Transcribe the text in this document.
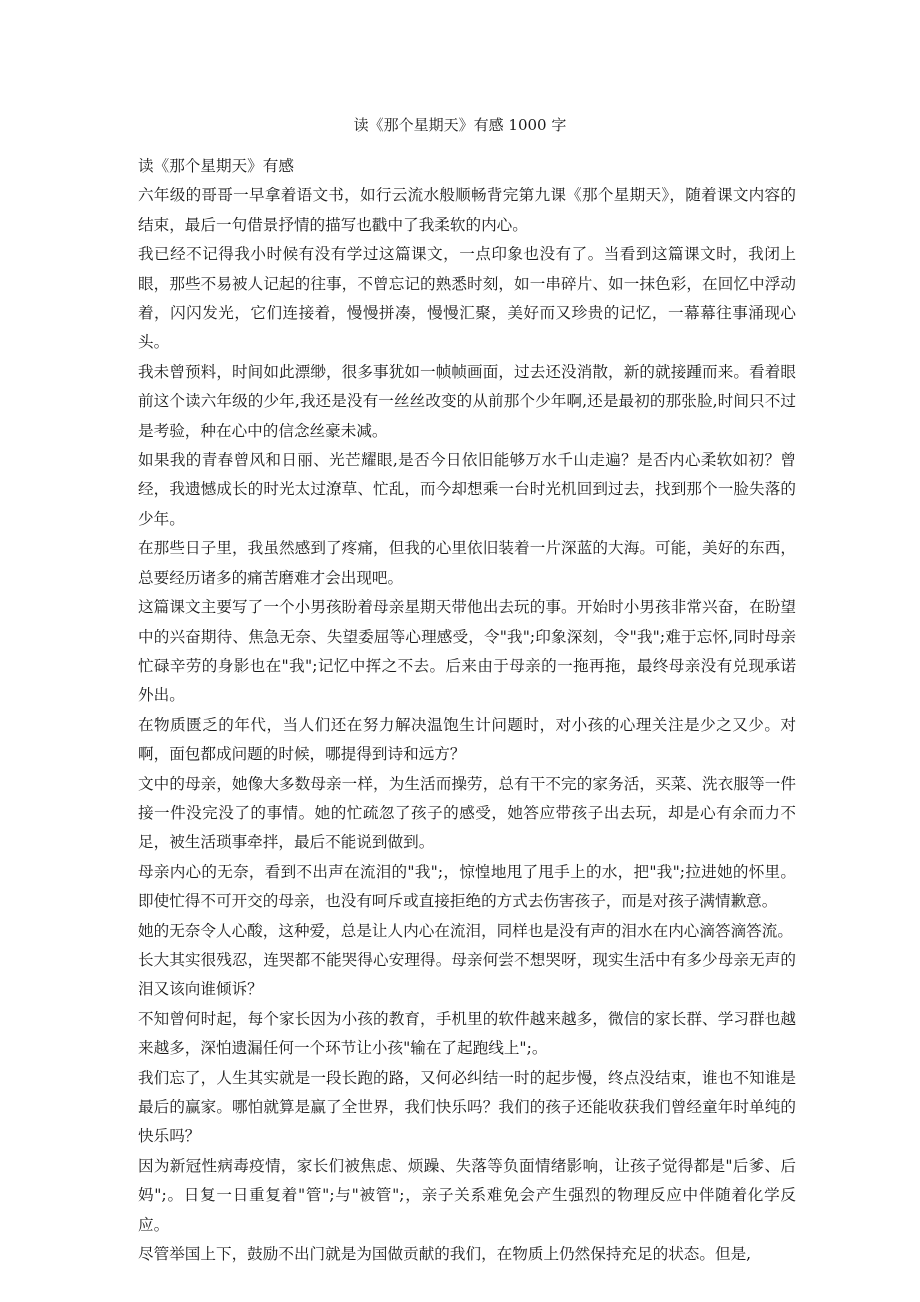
读《那个星期天》有感 1000 字

读《那个星期天》有感

六年级的哥哥一早拿着语文书，如行云流水般顺畅背完第九课《那个星期天》，随着课文内容的结束，最后一句借景抒情的描写也戳中了我柔软的内心。

我已经不记得我小时候有没有学过这篇课文，一点印象也没有了。当看到这篇课文时，我闭上眼，那些不易被人记起的往事，不曾忘记的熟悉时刻，如一串碎片、如一抹色彩，在回忆中浮动着，闪闪发光，它们连接着，慢慢拼凑，慢慢汇聚，美好而又珍贵的记忆，一幕幕往事涌现心头。

我未曾预料，时间如此漂缈，很多事犹如一帧帧画面，过去还没消散，新的就接踵而来。看着眼前这个读六年级的少年,我还是没有一丝丝改变的从前那个少年啊,还是最初的那张脸,时间只不过是考验，种在心中的信念丝豪未减。

如果我的青春曾风和日丽、光芒耀眼,是否今日依旧能够万水千山走遍？是否内心柔软如初？曾经，我遗憾成长的时光太过潦草、忙乱，而今却想乘一台时光机回到过去，找到那个一脸失落的少年。

在那些日子里，我虽然感到了疼痛，但我的心里依旧装着一片深蓝的大海。可能，美好的东西，总要经历诸多的痛苦磨难才会出现吧。

这篇课文主要写了一个小男孩盼着母亲星期天带他出去玩的事。开始时小男孩非常兴奋，在盼望中的兴奋期待、焦急无奈、失望委屈等心理感受，令"我";印象深刻，令"我";难于忘怀,同时母亲忙碌辛劳的身影也在"我";记忆中挥之不去。后来由于母亲的一拖再拖，最终母亲没有兑现承诺外出。

在物质匮乏的年代，当人们还在努力解决温饱生计问题时，对小孩的心理关注是少之又少。对啊，面包都成问题的时候，哪提得到诗和远方？

文中的母亲，她像大多数母亲一样，为生活而操劳，总有干不完的家务活，买菜、洗衣服等一件接一件没完没了的事情。她的忙疏忽了孩子的感受，她答应带孩子出去玩，却是心有余而力不足，被生活琐事牵拌，最后不能说到做到。

母亲内心的无奈，看到不出声在流泪的"我";，惊惶地甩了甩手上的水，把"我";拉进她的怀里。即使忙得不可开交的母亲，也没有呵斥或直接拒绝的方式去伤害孩子，而是对孩子满情歉意。

她的无奈令人心酸，这种爱，总是让人内心在流泪，同样也是没有声的泪水在内心滴答滴答流。

长大其实很残忍，连哭都不能哭得心安理得。母亲何尝不想哭呀，现实生活中有多少母亲无声的泪又该向谁倾诉？

不知曾何时起，每个家长因为小孩的教育，手机里的软件越来越多，微信的家长群、学习群也越来越多，深怕遗漏任何一个环节让小孩"输在了起跑线上";。

我们忘了，人生其实就是一段长跑的路，又何必纠结一时的起步慢，终点没结束，谁也不知谁是最后的赢家。哪怕就算是赢了全世界，我们快乐吗？我们的孩子还能收获我们曾经童年时单纯的快乐吗？

因为新冠性病毒疫情，家长们被焦虑、烦躁、失落等负面情绪影响，让孩子觉得都是"后爹、后妈";。日复一日重复着"管";与"被管";，亲子关系难免会产生强烈的物理反应中伴随着化学反应。

尽管举国上下，鼓励不出门就是为国做贡献的我们，在物质上仍然保持充足的状态。但是,
